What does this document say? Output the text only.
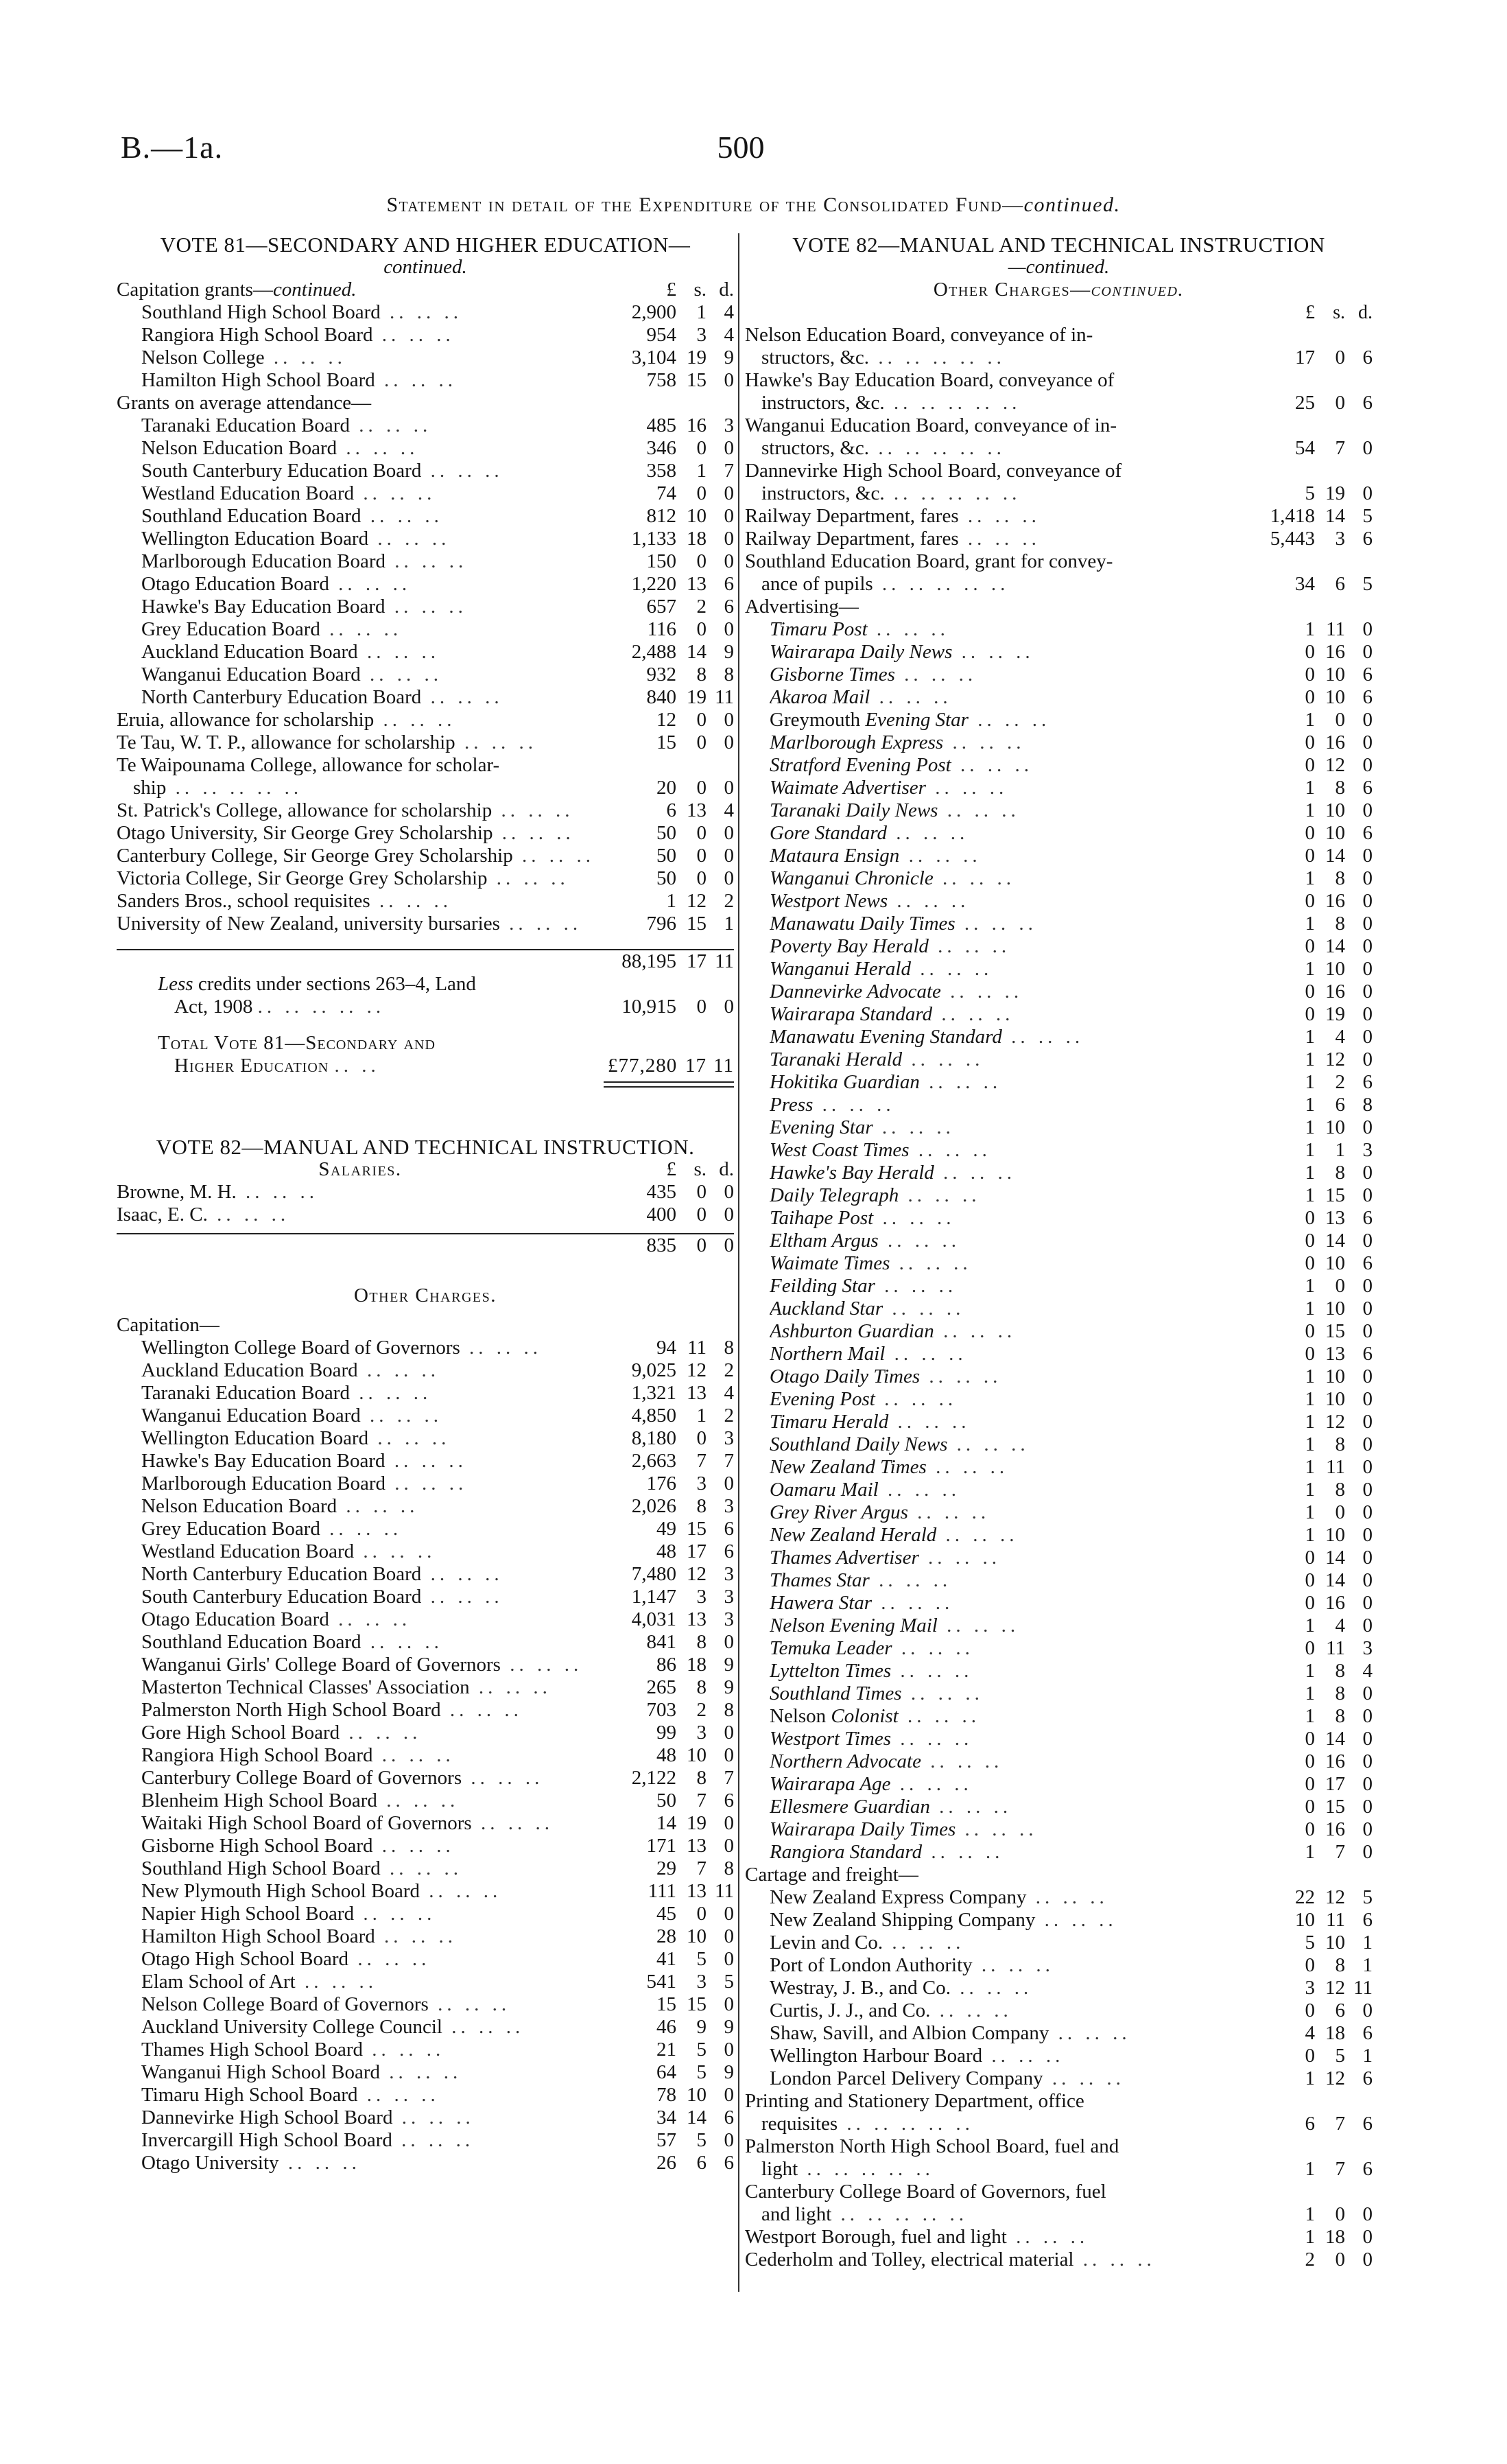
B.—1a.	500
Statement in detail of the Expenditure of the Consolidated Fund—continued.
VOTE 81—SECONDARY AND HIGHER EDUCATION—
continued.
Capitation grants—continued.	£ s. d.
Southland High School Board .. .. ..	2,900	1 4
Rangiora High School Board .. .. ..	954	3 4
Nelson College .. .. ..	3,104 19 9
Hamilton High School Board .. .. ..	758 15 0
Grants on average attendance—
Taranaki Education Board .. .. ..	485 16 3
Nelson Education Board .. .. ..	346	0 0
South Canterbury Education Board .. .. ..	358	1 7
Westland Education Board .. .. ..	74	0 0
Southland Education Board .. .. ..	812 10 0
Wellington Education Board .. .. ..	1,133 18 0
Marlborough Education Board .. .. ..	150	0 0
Otago Education Board .. .. ..	1,220 13 6
Hawke's Bay Education Board .. .. ..	657	2 6
Grey Education Board .. .. ..	116	0 0
Auckland Education Board .. .. ..	2,488 14 9
Wanganui Education Board .. .. ..	932	8 8
North Canterbury Education Board .. .. ..	840 19 11
Eruia, allowance for scholarship .. .. ..	12	0 0
Te Tau, W. T. P., allowance for scholarship .. .. ..	15	0 0
Te Waipounama College, allowance for scholar-
ship .. .. .. .. ..	20	0 0
St. Patrick's College, allowance for scholarship .. .. ..	6 13 4
Otago University, Sir George Grey Scholarship .. .. ..	50	0 0
Canterbury College, Sir George Grey Scholarship .. .. ..	50	0 0
Victoria College, Sir George Grey Scholarship .. .. ..	50	0 0
Sanders Bros., school requisites .. .. ..	1 12 2
University of New Zealand, university bursaries .. .. ..	796 15 1
88,195 17 11
Less credits under sections 263–4, Land
Act, 1908 .. .. .. .. ..	10,915	0 0
Total Vote 81—Secondary and
Higher Education .. ..	£77,280 17 11
VOTE 82—MANUAL AND TECHNICAL INSTRUCTION.
Salaries.	£ s. d.
Browne, M. H. .. .. ..	435	0 0
Isaac, E. C. .. .. ..	400	0 0
835	0 0
Other Charges.
Capitation—
Wellington College Board of Governors .. .. ..	94 11 8
Auckland Education Board .. .. ..	9,025 12 2
Taranaki Education Board .. .. ..	1,321 13 4
Wanganui Education Board .. .. ..	4,850	1 2
Wellington Education Board .. .. ..	8,180	0 3
Hawke's Bay Education Board .. .. ..	2,663	7 7
Marlborough Education Board .. .. ..	176	3 0
Nelson Education Board .. .. ..	2,026	8 3
Grey Education Board .. .. ..	49 15 6
Westland Education Board .. .. ..	48 17 6
North Canterbury Education Board .. .. ..	7,480 12 3
South Canterbury Education Board .. .. ..	1,147	3 3
Otago Education Board .. .. ..	4,031 13 3
Southland Education Board .. .. ..	841	8 0
Wanganui Girls' College Board of Governors .. .. ..	86 18 9
Masterton Technical Classes' Association .. .. ..	265	8 9
Palmerston North High School Board .. .. ..	703	2 8
Gore High School Board .. .. ..	99	3 0
Rangiora High School Board .. .. ..	48 10 0
Canterbury College Board of Governors .. .. ..	2,122	8 7
Blenheim High School Board .. .. ..	50	7 6
Waitaki High School Board of Governors .. .. ..	14 19 0
Gisborne High School Board .. .. ..	171 13 0
Southland High School Board .. .. ..	29	7 8
New Plymouth High School Board .. .. ..	111 13 11
Napier High School Board .. .. ..	45	0 0
Hamilton High School Board .. .. ..	28 10 0
Otago High School Board .. .. ..	41	5 0
Elam School of Art .. .. ..	541	3 5
Nelson College Board of Governors .. .. ..	15 15 0
Auckland University College Council .. .. ..	46	9 9
Thames High School Board .. .. ..	21	5 0
Wanganui High School Board .. .. ..	64	5 9
Timaru High School Board .. .. ..	78 10 0
Dannevirke High School Board .. .. ..	34 14 6
Invercargill High School Board .. .. ..	57	5 0
Otago University .. .. ..	26	6 6
VOTE 82—MANUAL AND TECHNICAL INSTRUCTION
—continued.
Other Charges—continued.
£ s. d.
Nelson Education Board, conveyance of in-
structors, &c. .. .. .. .. ..	17	0 6
Hawke's Bay Education Board, conveyance of
instructors, &c. .. .. .. .. ..	25	0 6
Wanganui Education Board, conveyance of in-
structors, &c. .. .. .. .. ..	54	7 0
Dannevirke High School Board, conveyance of
instructors, &c. .. .. .. .. ..	5 19 0
Railway Department, fares .. .. ..	1,418 14 5
Railway Department, fares .. .. ..	5,443	3 6
Southland Education Board, grant for convey-
ance of pupils .. .. .. .. ..	34	6 5
Advertising—
Timaru Post .. .. ..	1 11 0
Wairarapa Daily News .. .. ..	0 16 0
Gisborne Times .. .. ..	0 10 6
Akaroa Mail .. .. ..	0 10 6
Greymouth Evening Star .. .. ..	1	0 0
Marlborough Express .. .. ..	0 16 0
Stratford Evening Post .. .. ..	0 12 0
Waimate Advertiser .. .. ..	1	8 6
Taranaki Daily News .. .. ..	1 10 0
Gore Standard .. .. ..	0 10 6
Mataura Ensign .. .. ..	0 14 0
Wanganui Chronicle .. .. ..	1	8 0
Westport News .. .. ..	0 16 0
Manawatu Daily Times .. .. ..	1	8 0
Poverty Bay Herald .. .. ..	0 14 0
Wanganui Herald .. .. ..	1 10 0
Dannevirke Advocate .. .. ..	0 16 0
Wairarapa Standard .. .. ..	0 19 0
Manawatu Evening Standard .. .. ..	1	4 0
Taranaki Herald .. .. ..	1 12 0
Hokitika Guardian .. .. ..	1	2 6
Press .. .. ..	1	6 8
Evening Star .. .. ..	1 10 0
West Coast Times .. .. ..	1	1 3
Hawke's Bay Herald .. .. ..	1	8 0
Daily Telegraph .. .. ..	1 15 0
Taihape Post .. .. ..	0 13 6
Eltham Argus .. .. ..	0 14 0
Waimate Times .. .. ..	0 10 6
Feilding Star .. .. ..	1	0 0
Auckland Star .. .. ..	1 10 0
Ashburton Guardian .. .. ..	0 15 0
Northern Mail .. .. ..	0 13 6
Otago Daily Times .. .. ..	1 10 0
Evening Post .. .. ..	1 10 0
Timaru Herald .. .. ..	1 12 0
Southland Daily News .. .. ..	1	8 0
New Zealand Times .. .. ..	1 11 0
Oamaru Mail .. .. ..	1	8 0
Grey River Argus .. .. ..	1	0 0
New Zealand Herald .. .. ..	1 10 0
Thames Advertiser .. .. ..	0 14 0
Thames Star .. .. ..	0 14 0
Hawera Star .. .. ..	0 16 0
Nelson Evening Mail .. .. ..	1	4 0
Temuka Leader .. .. ..	0 11 3
Lyttelton Times .. .. ..	1	8 4
Southland Times .. .. ..	1	8 0
Nelson Colonist .. .. ..	1	8 0
Westport Times .. .. ..	0 14 0
Northern Advocate .. .. ..	0 16 0
Wairarapa Age .. .. ..	0 17 0
Ellesmere Guardian .. .. ..	0 15 0
Wairarapa Daily Times .. .. ..	0 16 0
Rangiora Standard .. .. ..	1	7 0
Cartage and freight—
New Zealand Express Company .. .. ..	22 12 5
New Zealand Shipping Company .. .. ..	10 11 6
Levin and Co. .. .. ..	5 10 1
Port of London Authority .. .. ..	0	8 1
Westray, J. B., and Co. .. .. ..	3 12 11
Curtis, J. J., and Co. .. .. ..	0	6 0
Shaw, Savill, and Albion Company .. .. ..	4 18 6
Wellington Harbour Board .. .. ..	0	5 1
London Parcel Delivery Company .. .. ..	1 12 6
Printing and Stationery Department, office
requisites .. .. .. .. ..	6	7 6
Palmerston North High School Board, fuel and
light .. .. .. .. ..	1	7 6
Canterbury College Board of Governors, fuel
and light .. .. .. .. ..	1	0 0
Westport Borough, fuel and light .. .. ..	1 18 0
Cederholm and Tolley, electrical material .. .. ..	2	0 0
